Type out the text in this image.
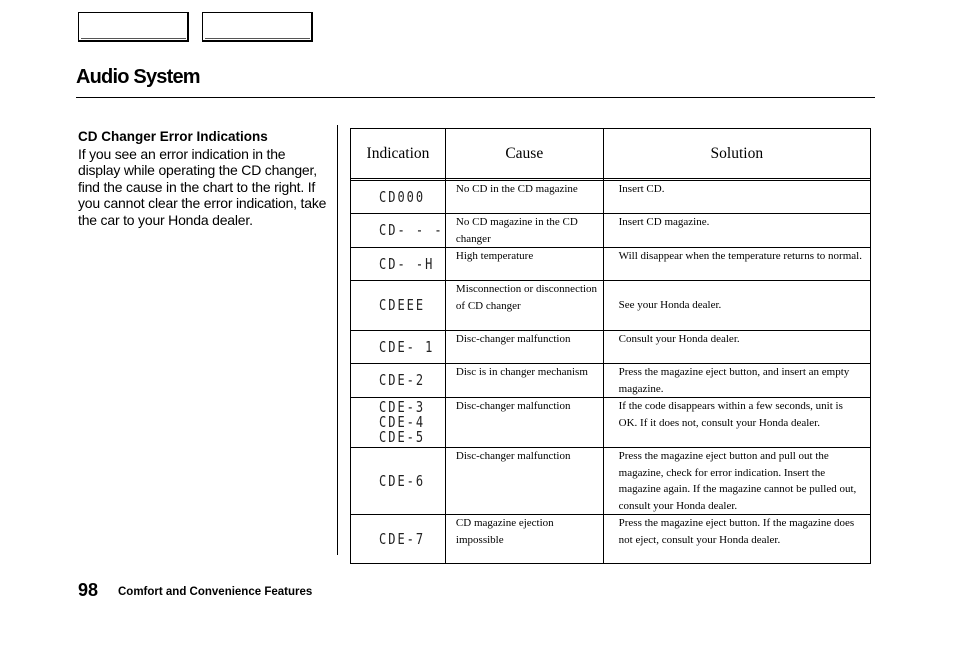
Audio System

CD Changer Error Indications

If you see an error indication in the display while operating the CD changer, find the cause in the chart to the right. If you cannot clear the error indication, take the car to your Honda dealer.

Indication	Cause	Solution

CD000	No CD in the CD magazine	Insert CD.

CD- - -	No CD magazine in the CD changer	Insert CD magazine.

CD- -H	High temperature	Will disappear when the temperature returns to normal.

CDEEE	Misconnection or disconnection of CD changer	See your Honda dealer.

CDE- 1	Disc-changer malfunction	Consult your Honda dealer.

CDE-2	Disc is in changer mechanism	Press the magazine eject button, and insert an empty magazine.

CDE-3
CDE-4
CDE-5	Disc-changer malfunction	If the code disappears within a few seconds, unit is OK. If it does not, consult your Honda dealer.

CDE-6	Disc-changer malfunction	Press the magazine eject button and pull out the magazine, check for error indication. Insert the magazine again. If the magazine cannot be pulled out, consult your Honda dealer.

CDE-7	CD magazine ejection impossible	Press the magazine eject button. If the magazine does not eject, consult your Honda dealer.

98 Comfort and Convenience Features
